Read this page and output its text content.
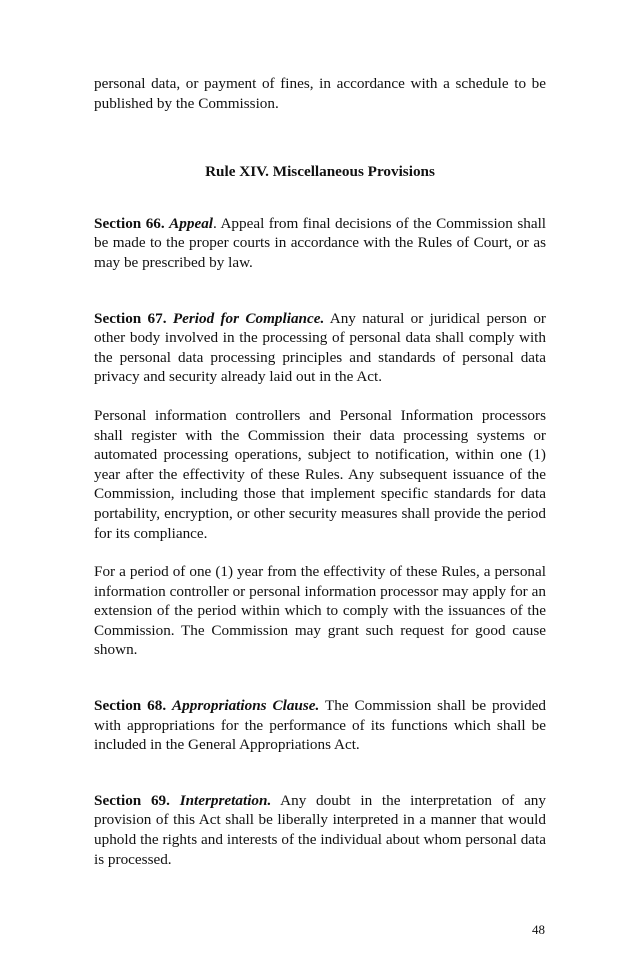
personal data, or payment of fines, in accordance with a schedule to be published by the Commission.

Rule XIV. Miscellaneous Provisions

Section 66. Appeal. Appeal from final decisions of the Commission shall be made to the proper courts in accordance with the Rules of Court, or as may be prescribed by law.

Section 67. Period for Compliance. Any natural or juridical person or other body involved in the processing of personal data shall comply with the personal data processing principles and standards of personal data privacy and security already laid out in the Act.

Personal information controllers and Personal Information processors shall register with the Commission their data processing systems or automated processing operations, subject to notification, within one (1) year after the effectivity of these Rules. Any subsequent issuance of the Commission, including those that implement specific standards for data portability, encryption, or other security measures shall provide the period for its compliance.

For a period of one (1) year from the effectivity of these Rules, a personal information controller or personal information processor may apply for an extension of the period within which to comply with the issuances of the Commission. The Commission may grant such request for good cause shown.

Section 68. Appropriations Clause. The Commission shall be provided with appropriations for the performance of its functions which shall be included in the General Appropriations Act.

Section 69. Interpretation. Any doubt in the interpretation of any provision of this Act shall be liberally interpreted in a manner that would uphold the rights and interests of the individual about whom personal data is processed.

48
